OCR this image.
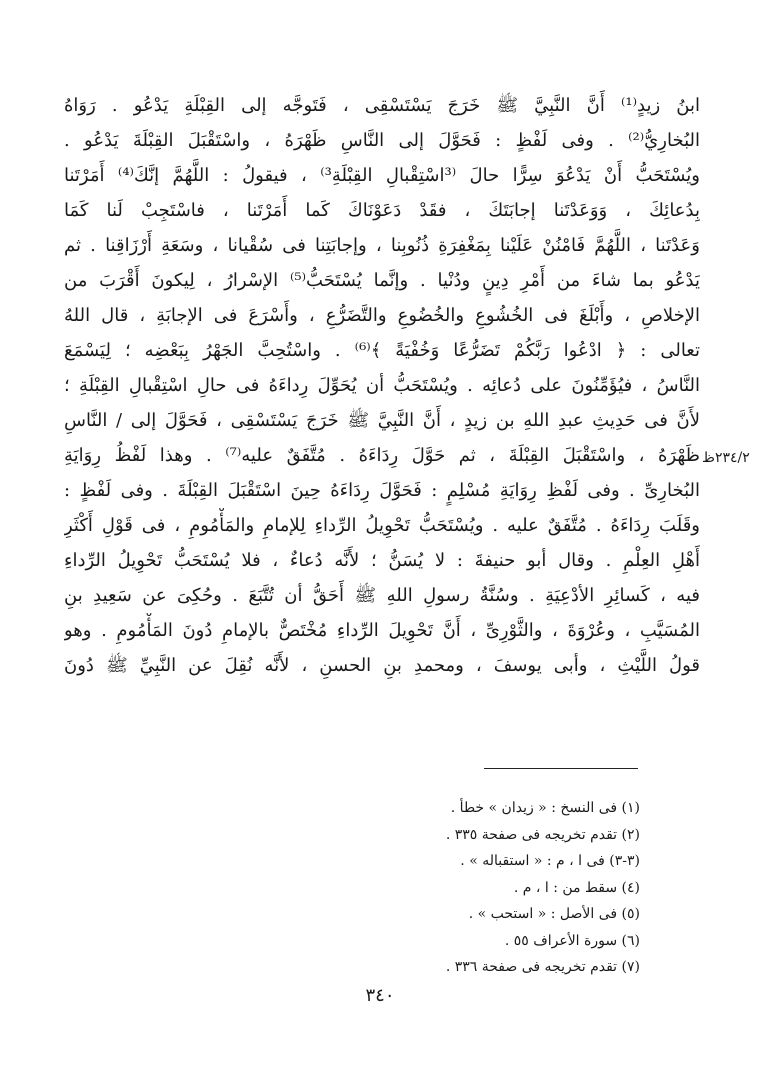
ابنُ زيدٍ⁽¹⁾ أَنَّ النَّبِيَّ ﷺ خَرَجَ يَسْتَسْقِى ، فَتَوجَّه إلى القِبْلَةِ يَدْعُو . رَوَاهُ
البُخارِيُّ⁽²⁾ . وفى لَفْظٍ : فَحَوَّلَ إلى النَّاسِ ظَهْرَهُ ، واسْتَقْبَلَ القِبْلَةَ يَدْعُو .
ويُسْتَحَبُّ أَنْ يَدْعُوَ سِرًّا حالَ ⁽³اسْتِقْبالِ القِبْلَةِ³⁾ ، فيقولُ : اللَّهُمَّ إنَّكَ⁽⁴⁾ أَمَرْتَنا
بِدُعائِكَ ، وَوَعَدْتَنا إجابَتَكَ ، فقَدْ دَعَوْنَاكَ كَما أَمَرْتَنا ، فاسْتَجِبْ لَنا كَمَا
وَعَدْتَنا ، اللَّهُمَّ فَامْنُنْ عَلَيْنا بِمَغْفِرَةِ ذُنُوبِنا ، وإجابَتِنا فى سُقْيانا ، وسَعَةِ أَرْزَاقِنا . ثم
يَدْعُو بما شاءَ من أَمْرِ دِينٍ ودُنْيا . وإنَّما يُسْتَحَبُّ⁽⁵⁾ الإسْرارُ ، لِيكونَ أَقْرَبَ من
الإخلاصِ ، وأَبْلَغَ فى الخُشُوعِ والخُضُوعِ والتَّضَرُّعِ ، وأَسْرَعَ فى الإجابَةِ ، قال اللهُ
تعالى : ﴿ ادْعُوا رَبَّكُمْ تَضَرُّعًا وَخُفْيَةً ﴾⁽⁶⁾ . واسْتُحِبَّ الجَهْرُ بِبَعْضِه ؛ لِيَسْمَعَ
النَّاسُ ، فيُؤَمِّنُونَ على دُعائِه . ويُسْتَحَبُّ أن يُحَوِّلَ رِداءَهُ فى حالِ اسْتِقْبالِ القِبْلَةِ ؛
لأَنَّ فى حَدِيثِ عبدِ اللهِ بن زيدٍ ، أَنَّ النَّبِيَّ ﷺ خَرَجَ يَسْتَسْقِى ، فَحَوَّلَ إلى / النَّاسِ
ظَهْرَهُ ، واسْتَقْبَلَ القِبْلَةَ ، ثم حَوَّلَ رِدَاءَهُ . مُتَّفَقٌ عليه⁽⁷⁾ . وهذا لَفْظُ رِوَايَةِ
البُخارِىِّ . وفى لَفْظِ رِوَايَةِ مُسْلِمٍ : فَحَوَّلَ رِدَاءَهُ حِينَ اسْتَقْبَلَ القِبْلَةَ . وفى لَفْظٍ :
وقَلَبَ رِدَاءَهُ . مُتَّفَقٌ عليه . ويُسْتَحَبُّ تَحْوِيلُ الرِّداءِ لِلإمامِ والمَأْمُومِ ، فى قَوْلِ أَكْثَرِ
أَهْلِ العِلْمِ . وقال أبو حنيفةَ : لا يُسَنُّ ؛ لأَنَّه دُعاءٌ ، فلا يُسْتَحَبُّ تَحْوِيلُ الرِّداءِ
فيه ، كَسائِرِ الأدْعِيَةِ . وسُنَّةُ رسولِ اللهِ ﷺ أَحَقُّ أن تُتَّبَعَ . وحُكِىَ عن سَعِيدِ بنِ
المُسَيَّبِ ، وعُرْوَةَ ، والثَّوْرِىِّ ، أَنَّ تَحْوِيلَ الرِّداءِ مُخْتَصٌّ بالإمامِ دُونَ المَأْمُومِ . وهو
قولُ اللَّيْثِ ، وأبى يوسفَ ، ومحمدِ بنِ الحسنِ ، لأَنَّه نُقِلَ عن النَّبِيِّ ﷺ دُونَ
٢٣٤/٢ظ
(١) فى النسخ : « زيدان » خطأ .
(٢) تقدم تخريجه فى صفحة ٣٣٥ .
(٣-٣) فى ا ، م : « استقباله » .
(٤) سقط من : ا ، م .
(٥) فى الأصل : « استحب » .
(٦) سورة الأعراف ٥٥ .
(٧) تقدم تخريجه فى صفحة ٣٣٦ .
٣٤٠
